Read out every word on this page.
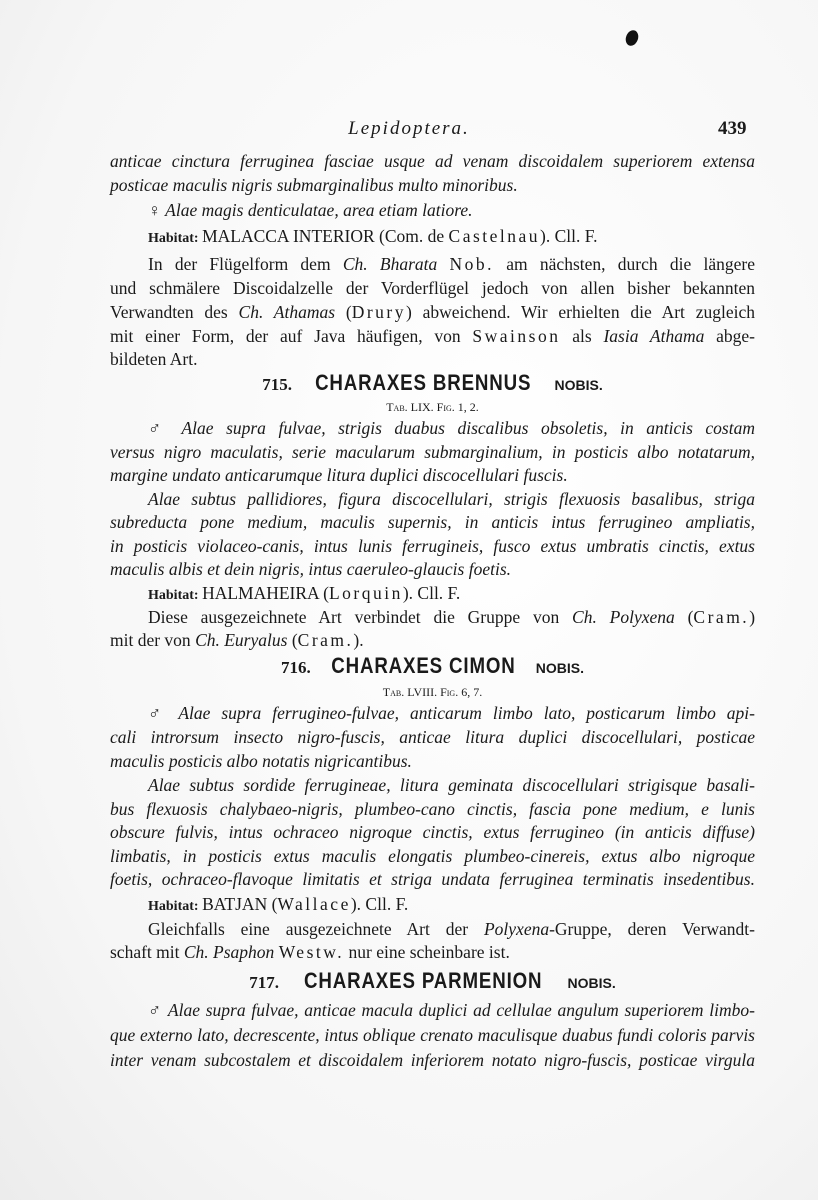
Lepidoptera.	439
anticae cinctura ferruginea fasciae usque ad venam discoidalem superiorem extensa
posticae maculis nigris submarginalibus multo minoribus.
♀ Alae magis denticulatae, area etiam latiore.
Habitat: MALACCA INTERIOR (Com. de Castelnau). Cll. F.
In der Flügelform dem Ch. Bharata Nob. am nächsten, durch die längere
und schmälere Discoidalzelle der Vorderflügel jedoch von allen bisher bekannten
Verwandten des Ch. Athamas (Drury) abweichend. Wir erhielten die Art zugleich
mit einer Form, der auf Java häufigen, von Swainson als Iasia Athama abge-
bildeten Art.
715. CHARAXES BRENNUS NOBIS.
Tab. LIX. Fig. 1, 2.
♂ Alae supra fulvae, strigis duabus discalibus obsoletis, in anticis costam
versus nigro maculatis, serie macularum submarginalium, in posticis albo notatarum,
margine undato anticarumque litura duplici discocellulari fuscis.
Alae subtus pallidiores, figura discocellulari, strigis flexuosis basalibus, striga
subreducta pone medium, maculis supernis, in anticis intus ferrugineo ampliatis,
in posticis violaceo-canis, intus lunis ferrugineis, fusco extus umbratis cinctis, extus
maculis albis et dein nigris, intus caeruleo-glaucis foetis.
Habitat: HALMAHEIRA (Lorquin). Cll. F.
Diese ausgezeichnete Art verbindet die Gruppe von Ch. Polyxena (Cram.)
mit der von Ch. Euryalus (Cram.).
716. CHARAXES CIMON NOBIS.
Tab. LVIII. Fig. 6, 7.
♂ Alae supra ferrugineo-fulvae, anticarum limbo lato, posticarum limbo api-
cali introrsum insecto nigro-fuscis, anticae litura duplici discocellulari, posticae
maculis posticis albo notatis nigricantibus.
Alae subtus sordide ferrugineae, litura geminata discocellulari strigisque basali-
bus flexuosis chalybaeo-nigris, plumbeo-cano cinctis, fascia pone medium, e lunis
obscure fulvis, intus ochraceo nigroque cinctis, extus ferrugineo (in anticis diffuse)
limbatis, in posticis extus maculis elongatis plumbeo-cinereis, extus albo nigroque
foetis, ochraceo-flavoque limitatis et striga undata ferruginea terminatis insedentibus.
Habitat: BATJAN (Wallace). Cll. F.
Gleichfalls eine ausgezeichnete Art der Polyxena-Gruppe, deren Verwandt-
schaft mit Ch. Psaphon Westw. nur eine scheinbare ist.
717. CHARAXES PARMENION NOBIS.
♂ Alae supra fulvae, anticae macula duplici ad cellulae angulum superiorem limbo-
que externo lato, decrescente, intus oblique crenato maculisque duabus fundi coloris parvis
inter venam subcostalem et discoidalem inferiorem notato nigro-fuscis, posticae virgula
